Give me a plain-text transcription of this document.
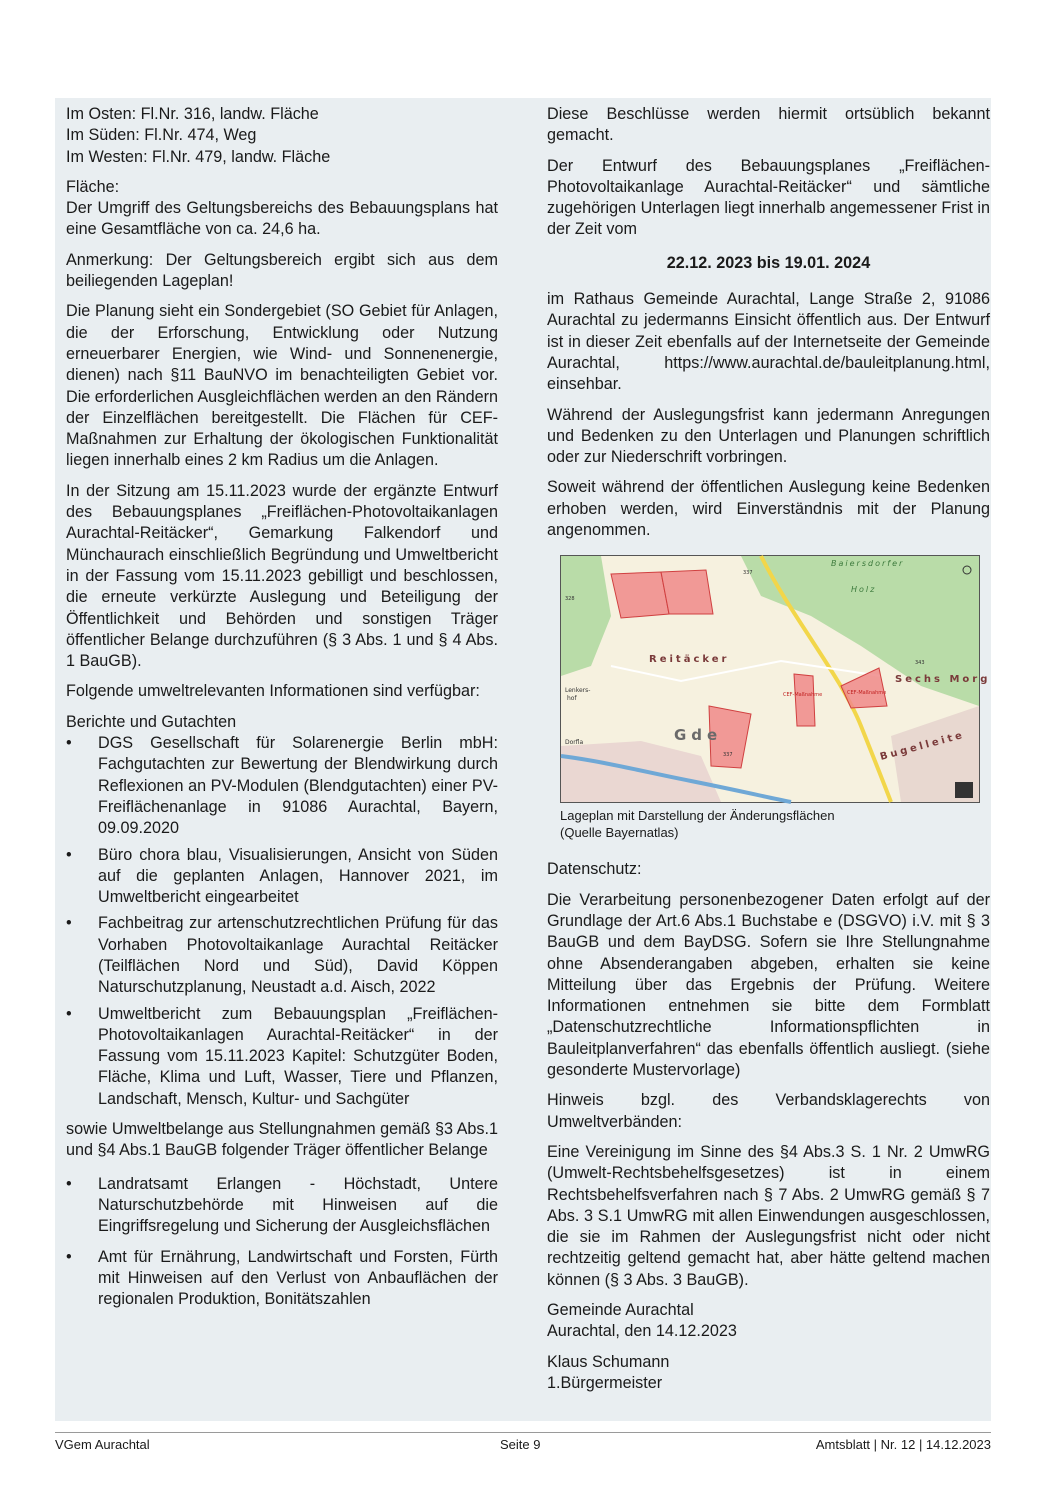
Im Osten: Fl.Nr. 316, landw. Fläche
Im Süden: Fl.Nr. 474, Weg
Im Westen: Fl.Nr. 479, landw. Fläche

Fläche:
Der Umgriff des Geltungsbereichs des Bebauungsplans hat eine Gesamtfläche von ca. 24,6 ha.

Anmerkung: Der Geltungsbereich ergibt sich aus dem beiliegenden Lageplan!

Die Planung sieht ein Sondergebiet (SO Gebiet für Anlagen, die der Erforschung, Entwicklung oder Nutzung erneuerbarer Energien, wie Wind- und Sonnenenergie, dienen) nach §11 BauNVO im benachteiligten Gebiet vor. Die erforderlichen Ausgleichflächen werden an den Rändern der Einzelflächen bereitgestellt. Die Flächen für CEF-Maßnahmen zur Erhaltung der ökologischen Funktionalität liegen innerhalb eines 2 km Radius um die Anlagen.

In der Sitzung am 15.11.2023 wurde der ergänzte Entwurf des Bebauungsplanes „Freiflächen-Photovoltaikanlagen Aurachtal-Reitäcker“, Gemarkung Falkendorf und Münchaurach einschließlich Begründung und Umweltbericht in der Fassung vom 15.11.2023 gebilligt und beschlossen, die erneute verkürzte Auslegung und Beteiligung der Öffentlichkeit und Behörden und sonstigen Träger öffentlicher Belange durchzuführen (§ 3 Abs. 1 und § 4 Abs. 1 BauGB).

Folgende umweltrelevanten Informationen sind verfügbar:

Berichte und Gutachten
• DGS Gesellschaft für Solarenergie Berlin mbH: Fachgutachten zur Bewertung der Blendwirkung durch Reflexionen an PV-Modulen (Blendgutachten) einer PV-Freiflächenanlage in 91086 Aurachtal, Bayern, 09.09.2020
• Büro chora blau, Visualisierungen, Ansicht von Süden auf die geplanten Anlagen, Hannover 2021, im Umweltbericht eingearbeitet
• Fachbeitrag zur artenschutzrechtlichen Prüfung für das Vorhaben Photovoltaikanlage Aurachtal Reitäcker (Teilflächen Nord und Süd), David Köppen Naturschutzplanung, Neustadt a.d. Aisch, 2022
• Umweltbericht zum Bebauungsplan „Freiflächen-Photovoltaikanlagen Aurachtal-Reitäcker“ in der Fassung vom 15.11.2023 Kapitel: Schutzgüter Boden, Fläche, Klima und Luft, Wasser, Tiere und Pflanzen, Landschaft, Mensch, Kultur- und Sachgüter

sowie Umweltbelange aus Stellungnahmen gemäß §3 Abs.1 und §4 Abs.1 BauGB folgender Träger öffentlicher Belange

• Landratsamt Erlangen - Höchstadt, Untere Naturschutzbehörde mit Hinweisen auf die Eingriffsregelung und Sicherung der Ausgleichsflächen
• Amt für Ernährung, Landwirtschaft und Forsten, Fürth mit Hinweisen auf den Verlust von Anbauflächen der regionalen Produktion, Bonitätszahlen

Diese Beschlüsse werden hiermit ortsüblich bekannt gemacht.

Der Entwurf des Bebauungsplanes „Freiflächen-Photovoltaikanlage Aurachtal-Reitäcker“ und sämtliche zugehörigen Unterlagen liegt innerhalb angemessener Frist in der Zeit vom

22.12. 2023 bis 19.01. 2024

im Rathaus Gemeinde Aurachtal, Lange Straße 2, 91086 Aurachtal zu jedermanns Einsicht öffentlich aus. Der Entwurf ist in dieser Zeit ebenfalls auf der Internetseite der Gemeinde Aurachtal, https://www.aurachtal.de/bauleitplanung.html, einsehbar.

Während der Auslegungsfrist kann jedermann Anregungen und Bedenken zu den Unterlagen und Planungen schriftlich oder zur Niederschrift vorbringen.

Soweit während der öffentlichen Auslegung keine Bedenken erhoben werden, wird Einverständnis mit der Planung angenommen.

Reitäcker
Sechs Morg
Baiersdorfer
Holz
Gde	Bugelleite
Lenkers-
hof	CEF-Maßnahme	CEF-Maßnahme
337
328
343
337
Dorfla
Lageplan mit Darstellung der Änderungsflächen
(Quelle Bayernatlas)

Datenschutz:

Die Verarbeitung personenbezogener Daten erfolgt auf der Grundlage der Art.6 Abs.1 Buchstabe e (DSGVO) i.V. mit § 3 BauGB und dem BayDSG. Sofern sie Ihre Stellungnahme ohne Absenderangaben abgeben, erhalten sie keine Mitteilung über das Ergebnis der Prüfung. Weitere Informationen entnehmen sie bitte dem Formblatt „Datenschutzrechtliche Informationspflichten in Bauleitplanverfahren“ das ebenfalls öffentlich ausliegt. (siehe gesonderte Mustervorlage)

Hinweis bzgl. des Verbandsklagerechts von Umweltverbänden:

Eine Vereinigung im Sinne des §4 Abs.3 S. 1 Nr. 2 UmwRG (Umwelt-Rechtsbehelfsgesetzes) ist in einem Rechtsbehelfsverfahren nach § 7 Abs. 2 UmwRG gemäß § 7 Abs. 3 S.1 UmwRG mit allen Einwendungen ausgeschlossen, die sie im Rahmen der Auslegungsfrist nicht oder nicht rechtzeitig geltend gemacht hat, aber hätte geltend machen können (§ 3 Abs. 3 BauGB).

Gemeinde Aurachtal
Aurachtal, den 14.12.2023

Klaus Schumann
1.Bürgermeister

VGem Aurachtal	Seite 9	Amtsblatt | Nr. 12 | 14.12.2023
